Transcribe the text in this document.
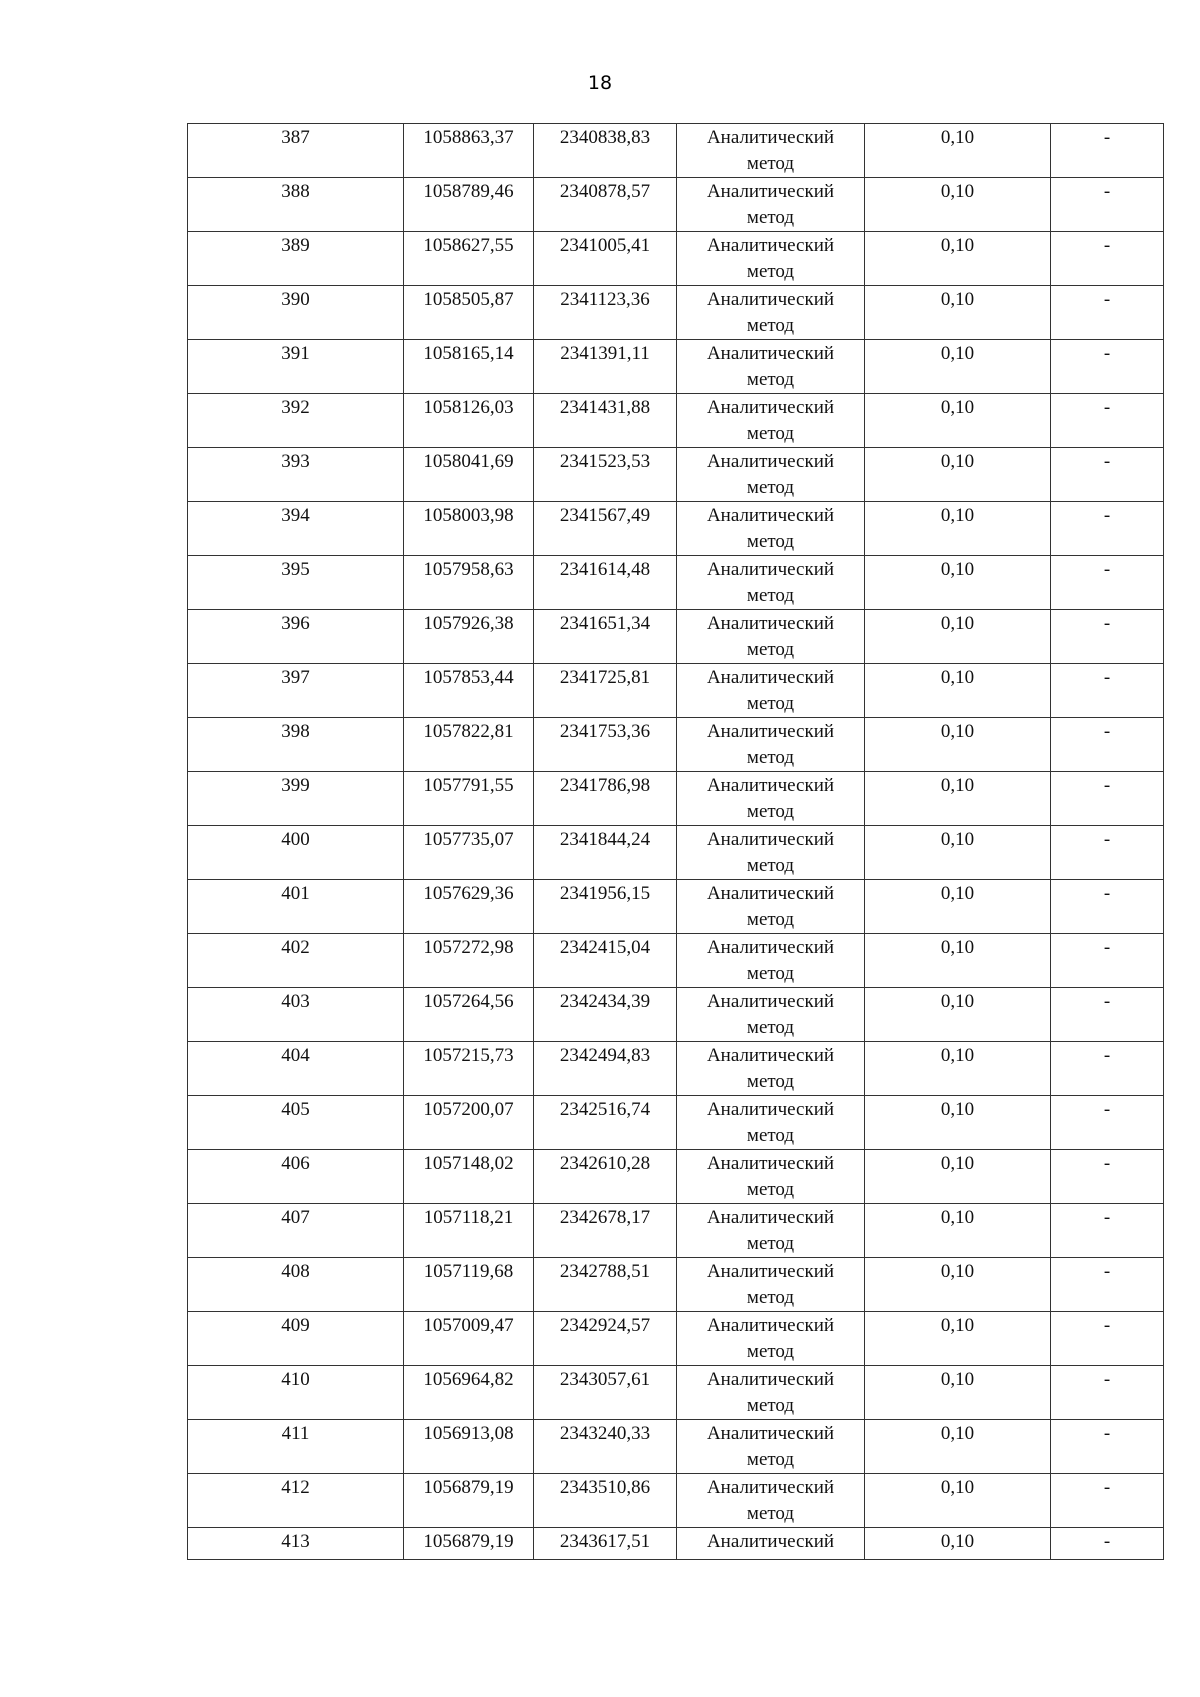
18
387	1058863,37	2340838,83	Аналитический метод	0,10	-
388	1058789,46	2340878,57	Аналитический метод	0,10	-
389	1058627,55	2341005,41	Аналитический метод	0,10	-
390	1058505,87	2341123,36	Аналитический метод	0,10	-
391	1058165,14	2341391,11	Аналитический метод	0,10	-
392	1058126,03	2341431,88	Аналитический метод	0,10	-
393	1058041,69	2341523,53	Аналитический метод	0,10	-
394	1058003,98	2341567,49	Аналитический метод	0,10	-
395	1057958,63	2341614,48	Аналитический метод	0,10	-
396	1057926,38	2341651,34	Аналитический метод	0,10	-
397	1057853,44	2341725,81	Аналитический метод	0,10	-
398	1057822,81	2341753,36	Аналитический метод	0,10	-
399	1057791,55	2341786,98	Аналитический метод	0,10	-
400	1057735,07	2341844,24	Аналитический метод	0,10	-
401	1057629,36	2341956,15	Аналитический метод	0,10	-
402	1057272,98	2342415,04	Аналитический метод	0,10	-
403	1057264,56	2342434,39	Аналитический метод	0,10	-
404	1057215,73	2342494,83	Аналитический метод	0,10	-
405	1057200,07	2342516,74	Аналитический метод	0,10	-
406	1057148,02	2342610,28	Аналитический метод	0,10	-
407	1057118,21	2342678,17	Аналитический метод	0,10	-
408	1057119,68	2342788,51	Аналитический метод	0,10	-
409	1057009,47	2342924,57	Аналитический метод	0,10	-
410	1056964,82	2343057,61	Аналитический метод	0,10	-
411	1056913,08	2343240,33	Аналитический метод	0,10	-
412	1056879,19	2343510,86	Аналитический метод	0,10	-
413	1056879,19	2343617,51	Аналитический	0,10	-
